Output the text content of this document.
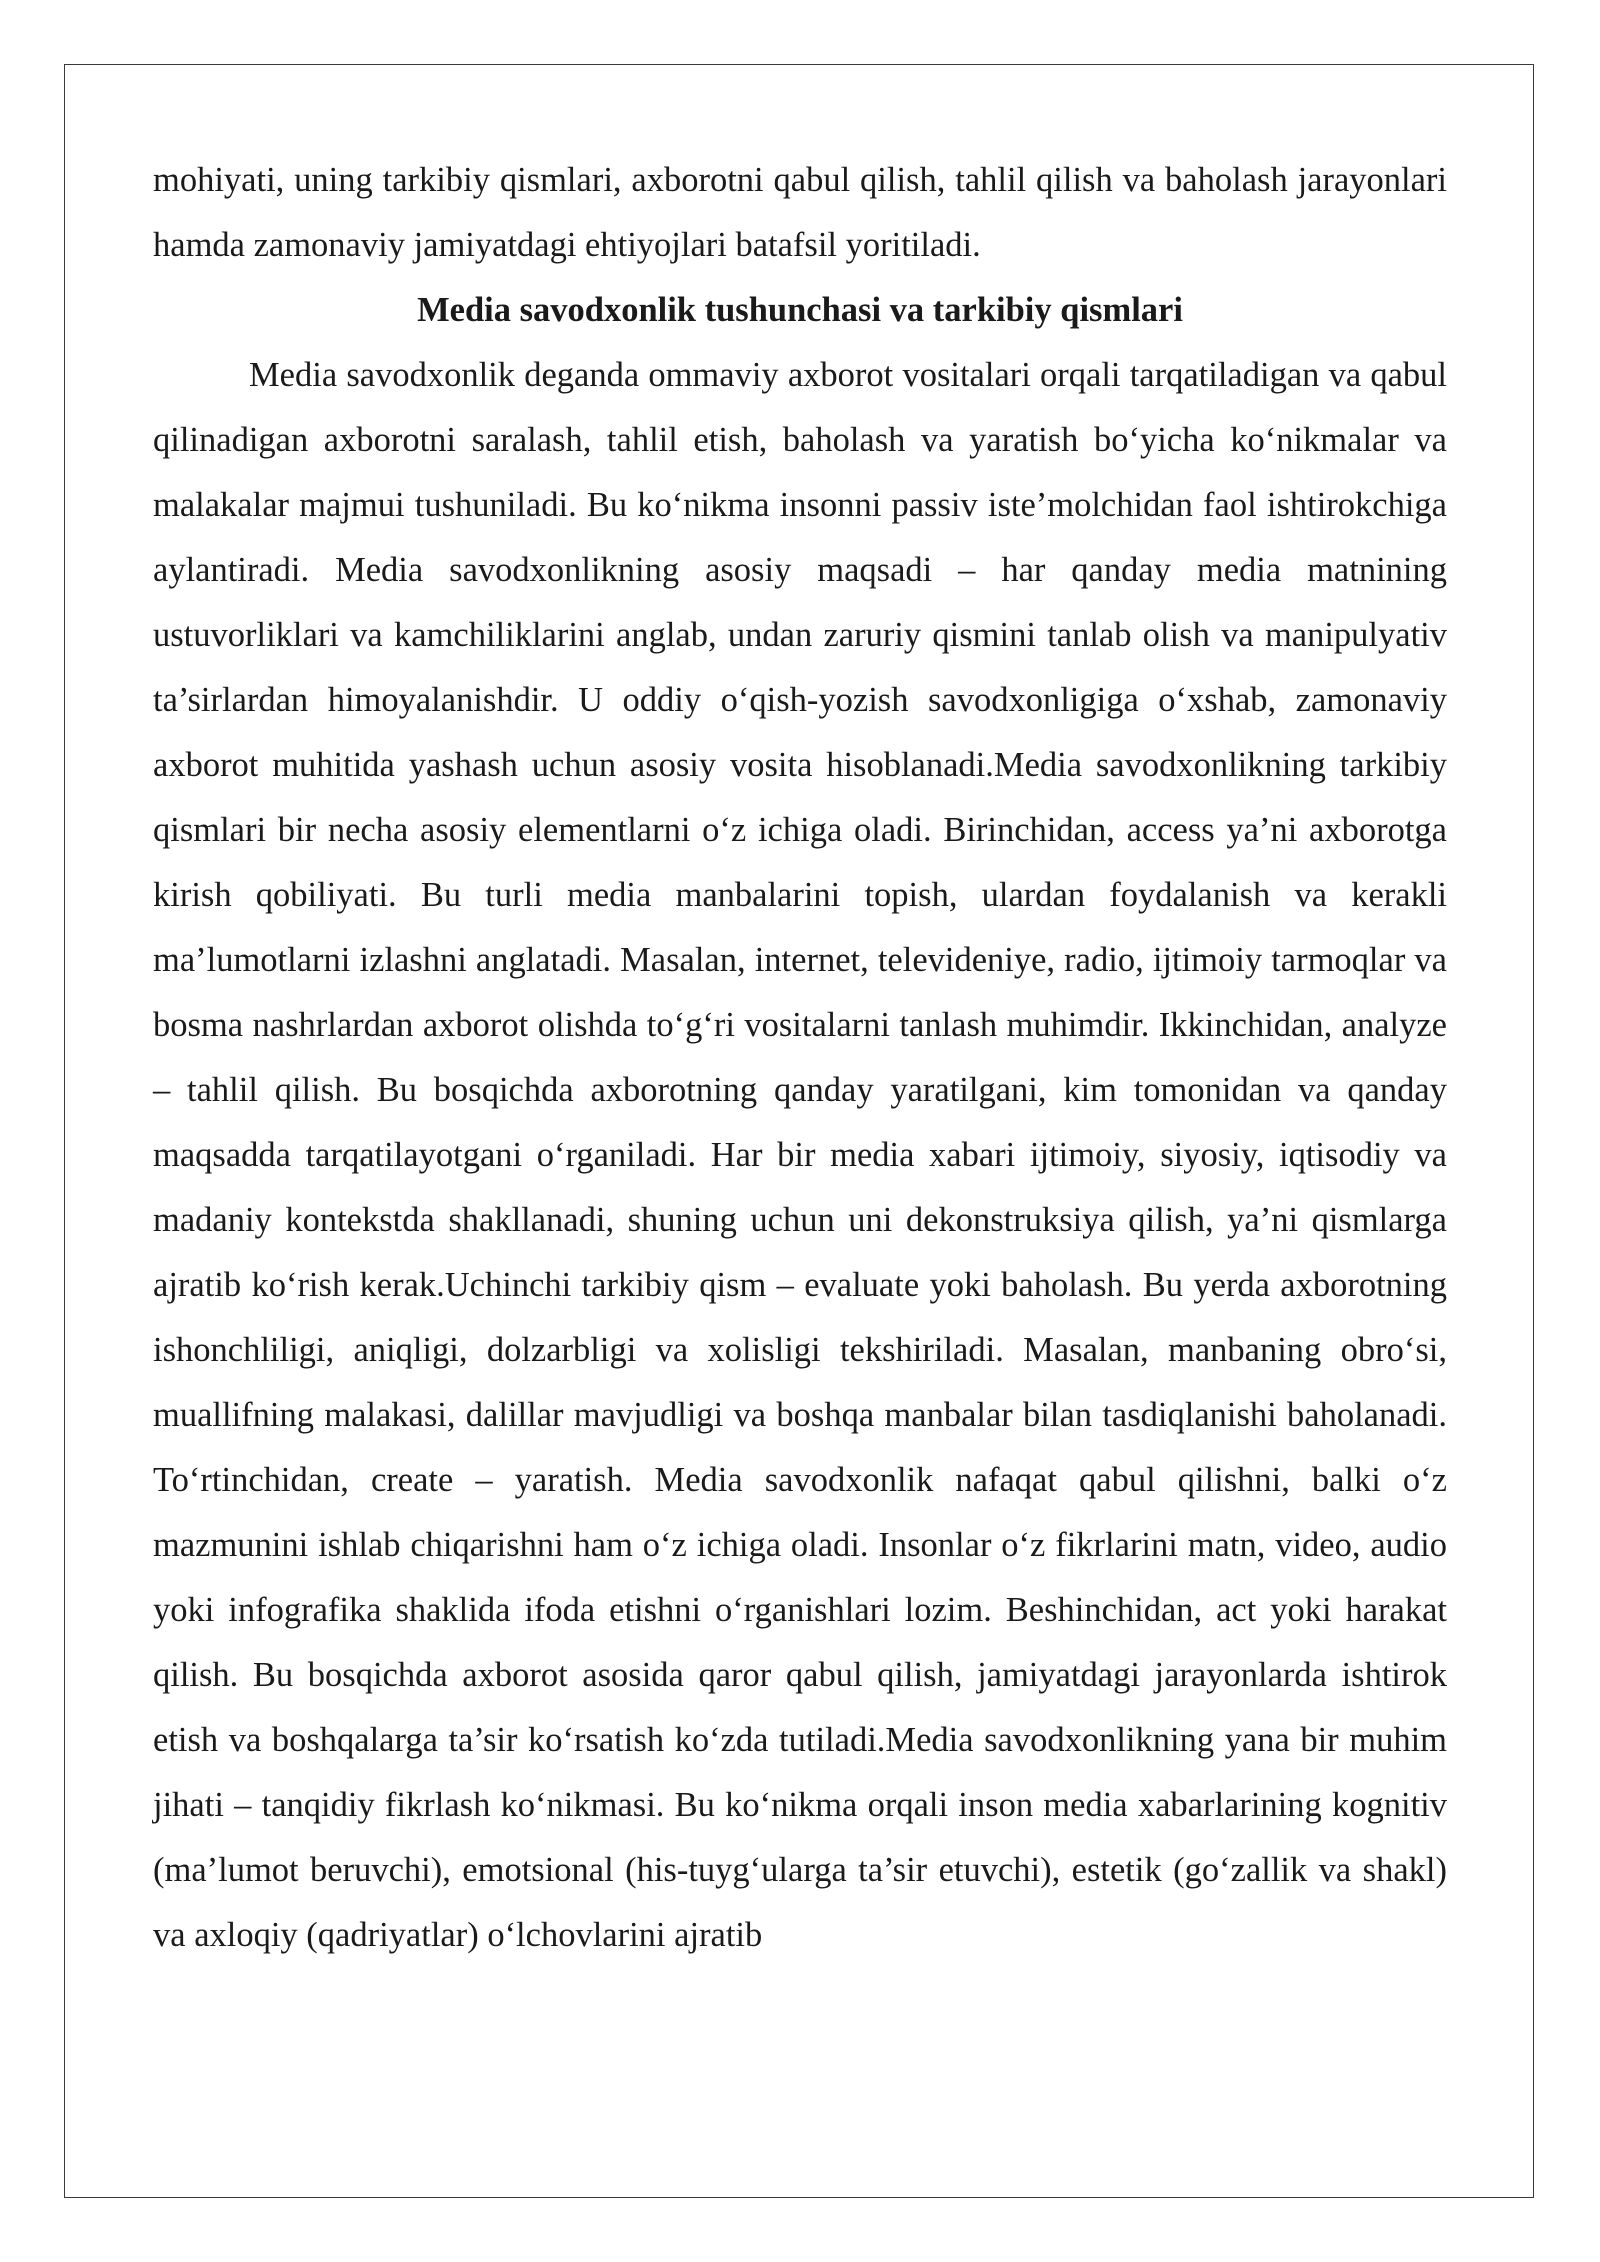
mohiyati, uning tarkibiy qismlari, axborotni qabul qilish, tahlil qilish va baholash jarayonlari hamda zamonaviy jamiyatdagi ehtiyojlari batafsil yoritiladi.

Media savodxonlik tushunchasi va tarkibiy qismlari

Media savodxonlik deganda ommaviy axborot vositalari orqali tarqatiladigan va qabul qilinadigan axborotni saralash, tahlil etish, baholash va yaratish bo‘yicha ko‘nikmalar va malakalar majmui tushuniladi. Bu ko‘nikma insonni passiv iste’molchidan faol ishtirokchiga aylantiradi. Media savodxonlikning asosiy maqsadi – har qanday media matnining ustuvorliklari va kamchiliklarini anglab, undan zaruriy qismini tanlab olish va manipulyativ ta’sirlardan himoyalanishdir. U oddiy o‘qish-yozish savodxonligiga o‘xshab, zamonaviy axborot muhitida yashash uchun asosiy vosita hisoblanadi.Media savodxonlikning tarkibiy qismlari bir necha asosiy elementlarni o‘z ichiga oladi. Birinchidan, access ya’ni axborotga kirish qobiliyati. Bu turli media manbalarini topish, ulardan foydalanish va kerakli ma’lumotlarni izlashni anglatadi. Masalan, internet, televideniye, radio, ijtimoiy tarmoqlar va bosma nashrlardan axborot olishda to‘g‘ri vositalarni tanlash muhimdir. Ikkinchidan, analyze – tahlil qilish. Bu bosqichda axborotning qanday yaratilgani, kim tomonidan va qanday maqsadda tarqatilayotgani o‘rganiladi. Har bir media xabari ijtimoiy, siyosiy, iqtisodiy va madaniy kontekstda shakllanadi, shuning uchun uni dekonstruksiya qilish, ya’ni qismlarga ajratib ko‘rish kerak.Uchinchi tarkibiy qism – evaluate yoki baholash. Bu yerda axborotning ishonchliligi, aniqligi, dolzarbligi va xolisligi tekshiriladi. Masalan, manbaning obro‘si, muallifning malakasi, dalillar mavjudligi va boshqa manbalar bilan tasdiqlanishi baholanadi. To‘rtinchidan, create – yaratish. Media savodxonlik nafaqat qabul qilishni, balki o‘z mazmunini ishlab chiqarishni ham o‘z ichiga oladi. Insonlar o‘z fikrlarini matn, video, audio yoki infografika shaklida ifoda etishni o‘rganishlari lozim. Beshinchidan, act yoki harakat qilish. Bu bosqichda axborot asosida qaror qabul qilish, jamiyatdagi jarayonlarda ishtirok etish va boshqalarga ta’sir ko‘rsatish ko‘zda tutiladi.Media savodxonlikning yana bir muhim jihati – tanqidiy fikrlash ko‘nikmasi. Bu ko‘nikma orqali inson media xabarlarining kognitiv (ma’lumot beruvchi), emotsional (his-tuyg‘ularga ta’sir etuvchi), estetik (go‘zallik va shakl) va axloqiy (qadriyatlar) o‘lchovlarini ajratib
